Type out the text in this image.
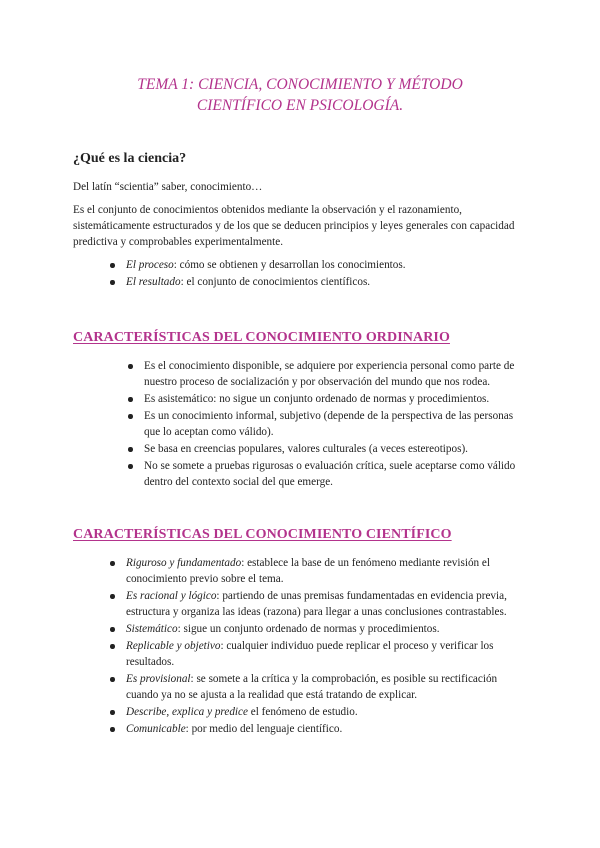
TEMA 1: CIENCIA, CONOCIMIENTO Y MÉTODO
CIENTÍFICO EN PSICOLOGÍA.
¿Qué es la ciencia?

Del latín “scientia” saber, conocimiento…

Es el conjunto de conocimientos obtenidos mediante la observación y el razonamiento, sistemáticamente estructurados y de los que se deducen principios y leyes generales con capacidad predictiva y comprobables experimentalmente.

El proceso: cómo se obtienen y desarrollan los conocimientos.
El resultado: el conjunto de conocimientos científicos.
CARACTERÍSTICAS DEL CONOCIMIENTO ORDINARIO
Es el conocimiento disponible, se adquiere por experiencia personal como parte de nuestro proceso de socialización y por observación del mundo que nos rodea.
Es asistemático: no sigue un conjunto ordenado de normas y procedimientos.
Es un conocimiento informal, subjetivo (depende de la perspectiva de las personas que lo aceptan como válido).
Se basa en creencias populares, valores culturales (a veces estereotipos).
No se somete a pruebas rigurosas o evaluación crítica, suele aceptarse como válido dentro del contexto social del que emerge.
CARACTERÍSTICAS DEL CONOCIMIENTO CIENTÍFICO
Riguroso y fundamentado: establece la base de un fenómeno mediante revisión el conocimiento previo sobre el tema.
Es racional y lógico: partiendo de unas premisas fundamentadas en evidencia previa, estructura y organiza las ideas (razona) para llegar a unas conclusiones contrastables.
Sistemático: sigue un conjunto ordenado de normas y procedimientos.
Replicable y objetivo: cualquier individuo puede replicar el proceso y verificar los resultados.
Es provisional: se somete a la crítica y la comprobación, es posible su rectificación cuando ya no se ajusta a la realidad que está tratando de explicar.
Describe, explica y predice el fenómeno de estudio.
Comunicable: por medio del lenguaje científico.
